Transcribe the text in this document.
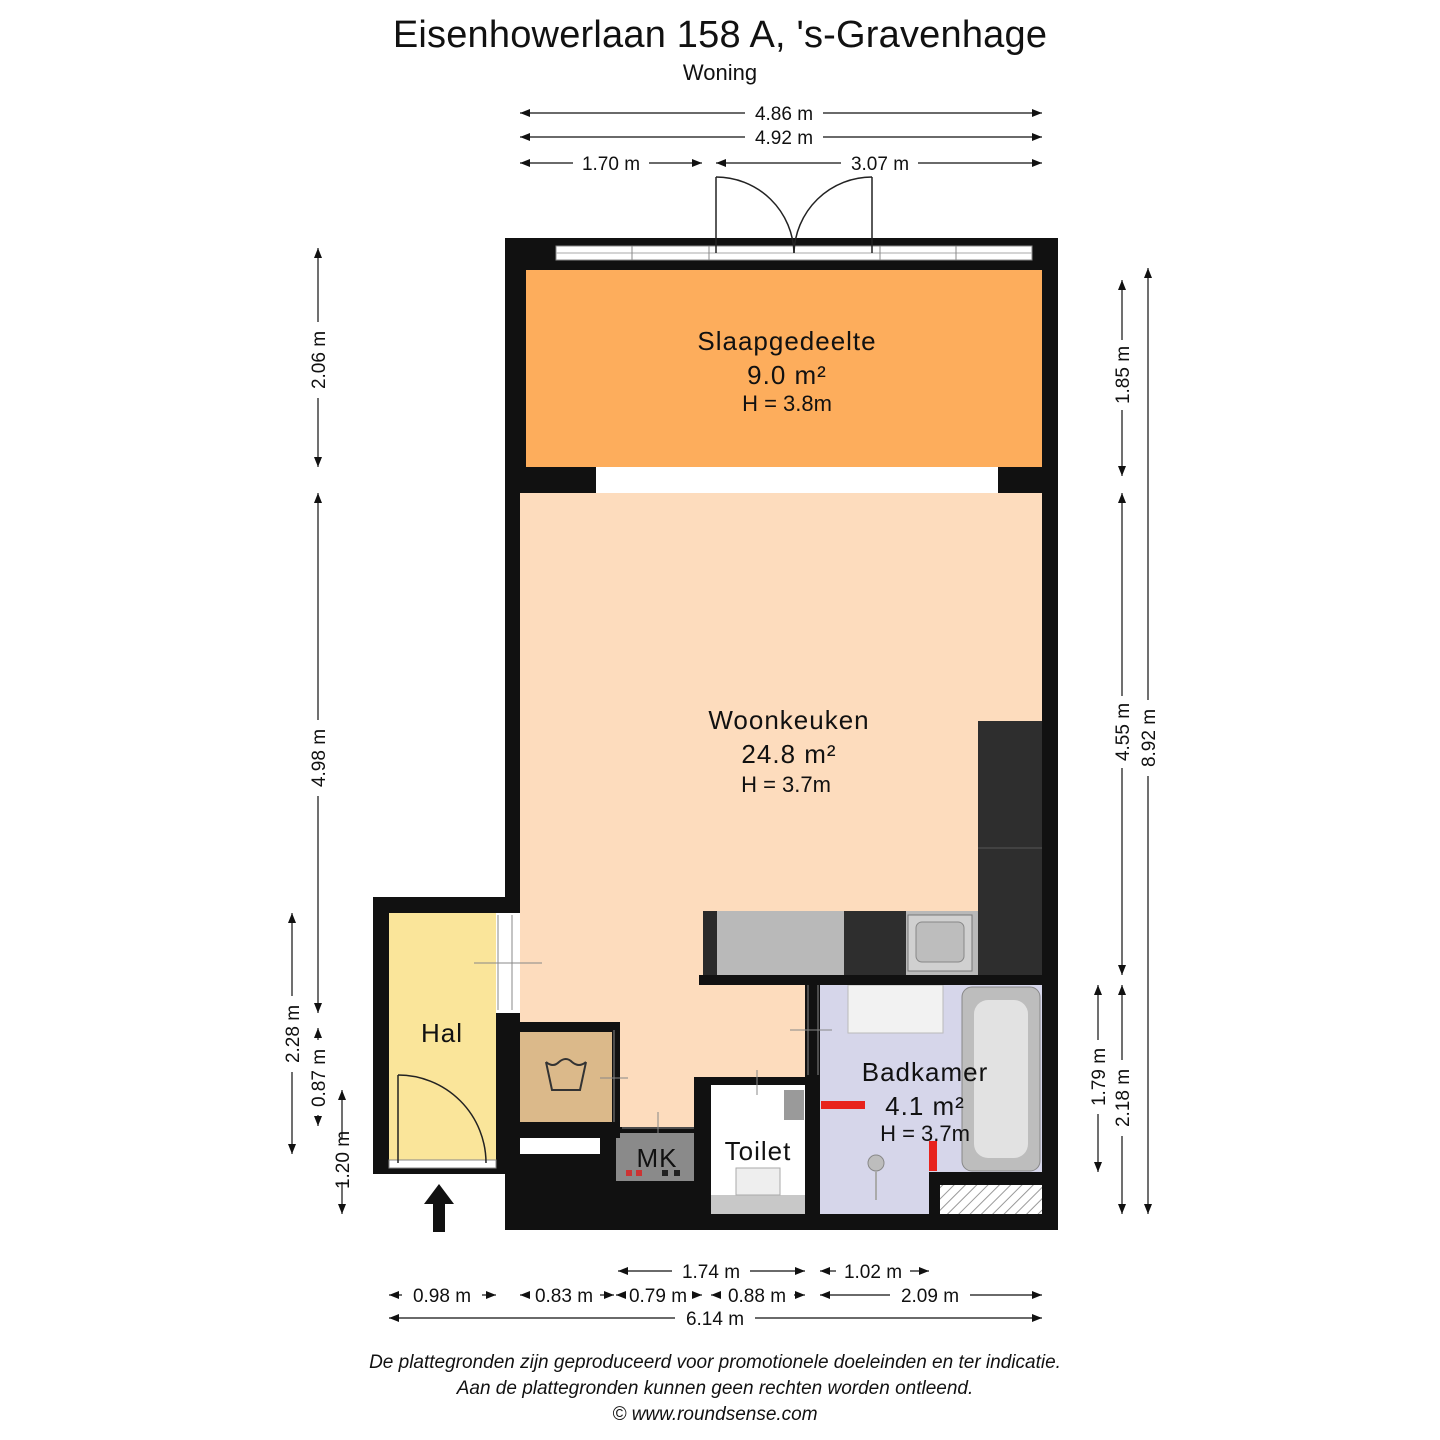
Eisenhowerlaan 158 A, 's-Gravenhage
Woning
Slaapgedeelte
9.0 m²
H = 3.8m
Woonkeuken
24.8 m²
H = 3.7m
Hal
Badkamer
4.1 m²
H = 3.7m
Toilet
MK
4.86 m
4.92 m
1.70 m	3.07 m
2.06 m
4.98 m
2.28 m
0.87 m
1.20 m
1.85 m
4.55 m 8.92 m
1.79 m 2.18 m
1.74 m	1.02 m
0.98 m	0.83 m 0.79 m 0.88 m	2.09 m
6.14 m
De plattegronden zijn geproduceerd voor promotionele doeleinden en ter indicatie.
Aan de plattegronden kunnen geen rechten worden ontleend.
© www.roundsense.com
